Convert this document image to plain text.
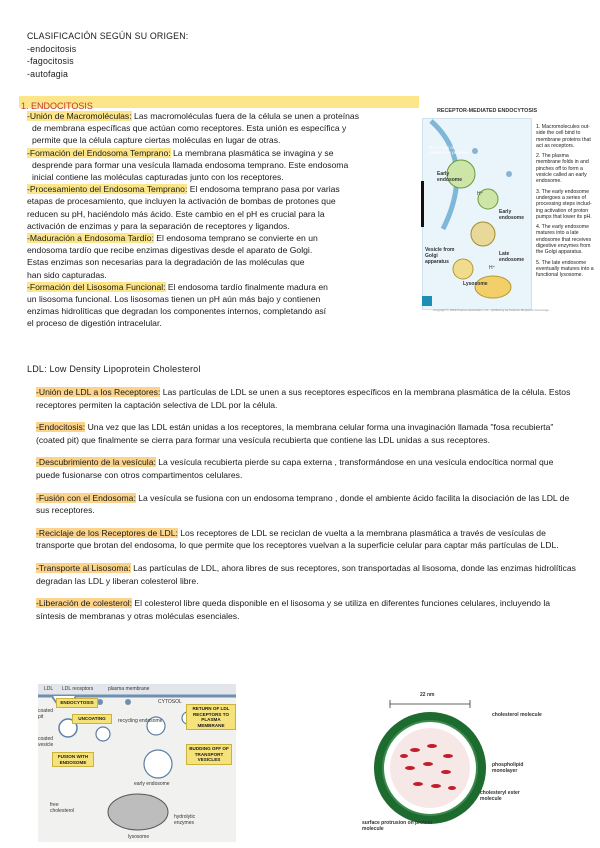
CLASIFICACIÓN SEGÚN SU ORIGEN:
-endocitosis
-fagocitosis
-autofagia
1. ENDOCITOSIS

-Unión de Macromoléculas: Las macromoléculas fuera de la célula se unen a proteínas
de membrana específicas que actúan como receptores. Esta unión es específica y
permite que la célula capture ciertas moléculas en lugar de otras.

-Formación del Endosoma Temprano: La membrana plasmática se invagina y se
desprende para formar una vesícula llamada endosoma temprano. Este endosoma
inicial contiene las moléculas capturadas junto con los receptores.

-Procesamiento del Endosoma Temprano: El endosoma temprano pasa por varias
etapas de procesamiento, que incluyen la activación de bombas de protones que
reducen su pH, haciéndolo más ácido. Este cambio en el pH es crucial para la
activación de enzimas y para la separación de receptores y ligandos.

-Maduración a Endosoma Tardío: El endosoma temprano se convierte en un
endosoma tardío que recibe enzimas digestivas desde el aparato de Golgi.
Estas enzimas son necesarias para la degradación de las moléculas que
han sido capturadas.

-Formación del Lisosoma Funcional: El endosoma tardío finalmente madura en
un lisosoma funcional. Los lisosomas tienen un pH aún más bajo y contienen
enzimas hidrolíticas que degradan los componentes internos, completando así
el proceso de digestión intracelular.

RECEPTOR-MEDIATED ENDOCYTOSIS
Recycling of membrane proteins
Early endosome
H⁺
Early endosome
Late endosome
Vesicle from Golgi apparatus
Lysosome
H⁺
Copyright © 2009 Pearson Education, Inc., publishing as Pearson Benjamin Cummings.
1. Macromolecules out- side the cell bind to membrane proteins that act as receptors.
2. The plasma membrane folds in and pinches off to form a vesicle called an early endosome.
3. The early endosome undergoes a series of processing steps includ- ing activation of proton pumps that lower its pH.
4. The early endosome matures into a late endosome that receives digestive enzymes from the Golgi apparatus.
5. The late endosome eventually matures into a functional lysosome.
LDL: Low Density Lipoprotein Cholesterol

-Unión de LDL a los Receptores: Las partículas de LDL se unen a sus receptores específicos en la membrana plasmática de la célula. Estos receptores permiten la captación selectiva de LDL por la célula.

-Endocitosis: Una vez que las LDL están unidas a los receptores, la membrana celular forma una invaginación llamada "fosa recubierta" (coated pit) que finalmente se cierra para formar una vesícula recubierta que contiene las LDL unidas a sus receptores.

-Descubrimiento de la vesícula: La vesícula recubierta pierde su capa externa , transformándose en una vesícula endocítica normal que puede fusionarse con otros compartimentos celulares.

-Fusión con el Endosoma: La vesícula se fusiona con un endosoma temprano , donde el ambiente ácido facilita la disociación de las LDL de sus receptores.

-Reciclaje de los Receptores de LDL: Los receptores de LDL se reciclan de vuelta a la membrana plasmática a través de vesículas de transporte que brotan del endosoma, lo que permite que los receptores vuelvan a la superficie celular para captar más partículas de LDL.

-Transporte al Lisosoma: Las partículas de LDL, ahora libres de sus receptores, son transportadas al lisosoma, donde las enzimas hidrolíticas degradan las LDL y liberan colesterol libre.

-Liberación de colesterol: El colesterol libre queda disponible en el lisosoma y se utiliza en diferentes funciones celulares, incluyendo la síntesis de membranas y otras moléculas esenciales.

LDL LDL receptors	plasma membrane
ENDOCYTOSIS	CYTOSOL
coated pit	UNCOATING
coated vesicle
recycling endosome
RETURN OF LDL RECEPTORS TO PLASMA MEMBRANE
FUSION WITH ENDOSOME
BUDDING OFF OF TRANSPORT VESICLES
early endosome
free cholesterol
hydrolytic enzymes
lysosome
22 nm
cholesterol molecule
phospholipid monolayer
cholesteryl ester molecule
surface protrusion on protein molecule
